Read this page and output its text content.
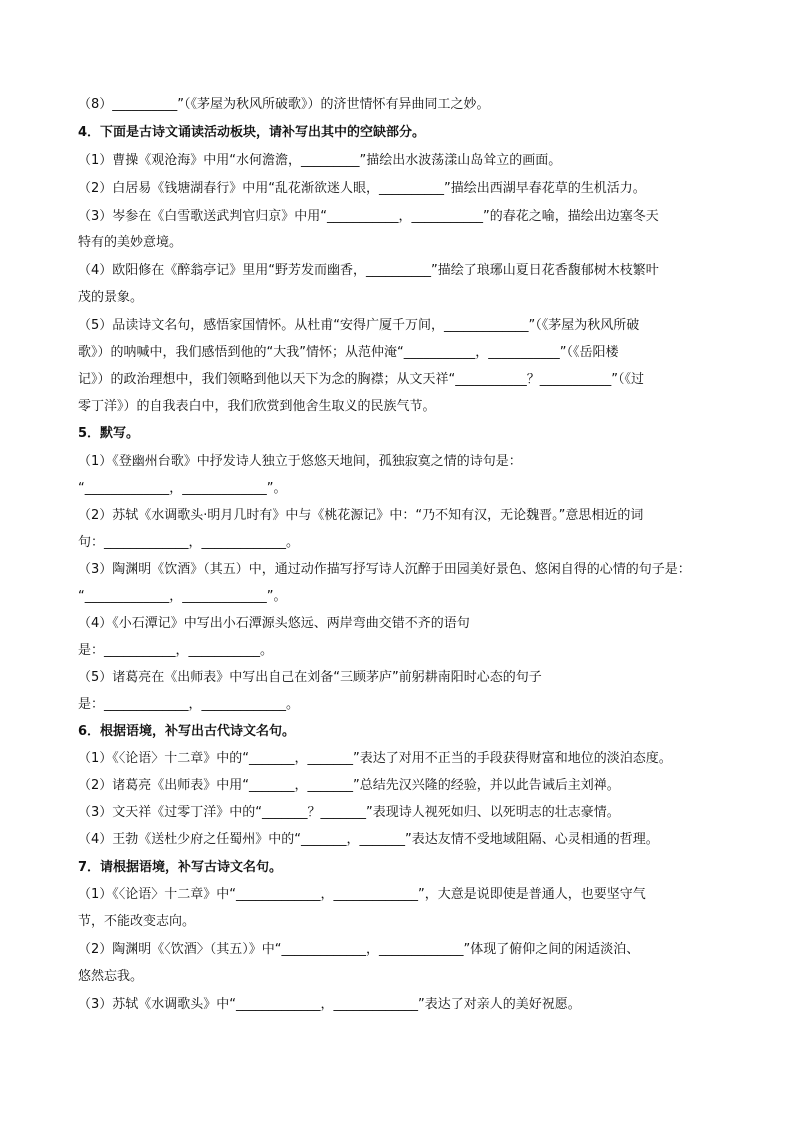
（8）__________”（《茅屋为秋风所破歌》）的济世情怀有异曲同工之妙。
4．下面是古诗文诵读活动板块，请补写出其中的空缺部分。
（1）曹操《观沧海》中用“水何澹澹，_________”描绘出水波荡漾山岛耸立的画面。
（2）白居易《钱塘湖春行》中用“乱花渐欲迷人眼，__________”描绘出西湖早春花草的生机活力。
（3）岑参在《白雪歌送武判官归京》中用“___________，___________”的春花之喻，描绘出边塞冬天
特有的美妙意境。
（4）欧阳修在《醉翁亭记》里用“野芳发而幽香，__________”描绘了琅琊山夏日花香馥郁树木枝繁叶
茂的景象。
（5）品读诗文名句，感悟家国情怀。从杜甫“安得广厦千万间，_____________”（《茅屋为秋风所破
歌》）的呐喊中，我们感悟到他的“大我”情怀；从范仲淹“___________，___________”（《岳阳楼
记》）的政治理想中，我们领略到他以天下为念的胸襟；从文天祥“___________？___________”（《过
零丁洋》）的自我表白中，我们欣赏到他舍生取义的民族气节。
5．默写。
（1）《登幽州台歌》中抒发诗人独立于悠悠天地间，孤独寂寞之情的诗句是：
“_____________，_____________”。
（2）苏轼《水调歌头·明月几时有》中与《桃花源记》中：“乃不知有汉，无论魏晋。”意思相近的词
句：_____________，_____________。
（3）陶渊明《饮酒》（其五）中，通过动作描写抒写诗人沉醉于田园美好景色、悠闲自得的心情的句子是：
“_____________，_____________”。
（4）《小石潭记》中写出小石潭源头悠远、两岸弯曲交错不齐的语句
是：___________，___________。
（5）诸葛亮在《出师表》中写出自己在刘备“三顾茅庐”前躬耕南阳时心态的句子
是：_____________，_____________。
6．根据语境，补写出古代诗文名句。
（1）《〈论语〉十二章》中的“_______，_______”表达了对用不正当的手段获得财富和地位的淡泊态度。
（2）诸葛亮《出师表》中用“_______，_______”总结先汉兴隆的经验，并以此告诫后主刘禅。
（3）文天祥《过零丁洋》中的“_______？_______”表现诗人视死如归、以死明志的壮志豪情。
（4）王勃《送杜少府之任蜀州》中的“_______，_______”表达友情不受地域阻隔、心灵相通的哲理。
7．请根据语境，补写古诗文名句。
（1）《〈论语〉十二章》中“_____________，_____________”，大意是说即使是普通人，也要坚守气
节，不能改变志向。
（2）陶渊明《〈饮酒〉（其五）》中“_____________，_____________”体现了俯仰之间的闲适淡泊、
悠然忘我。
（3）苏轼《水调歌头》中“_____________，_____________”表达了对亲人的美好祝愿。
